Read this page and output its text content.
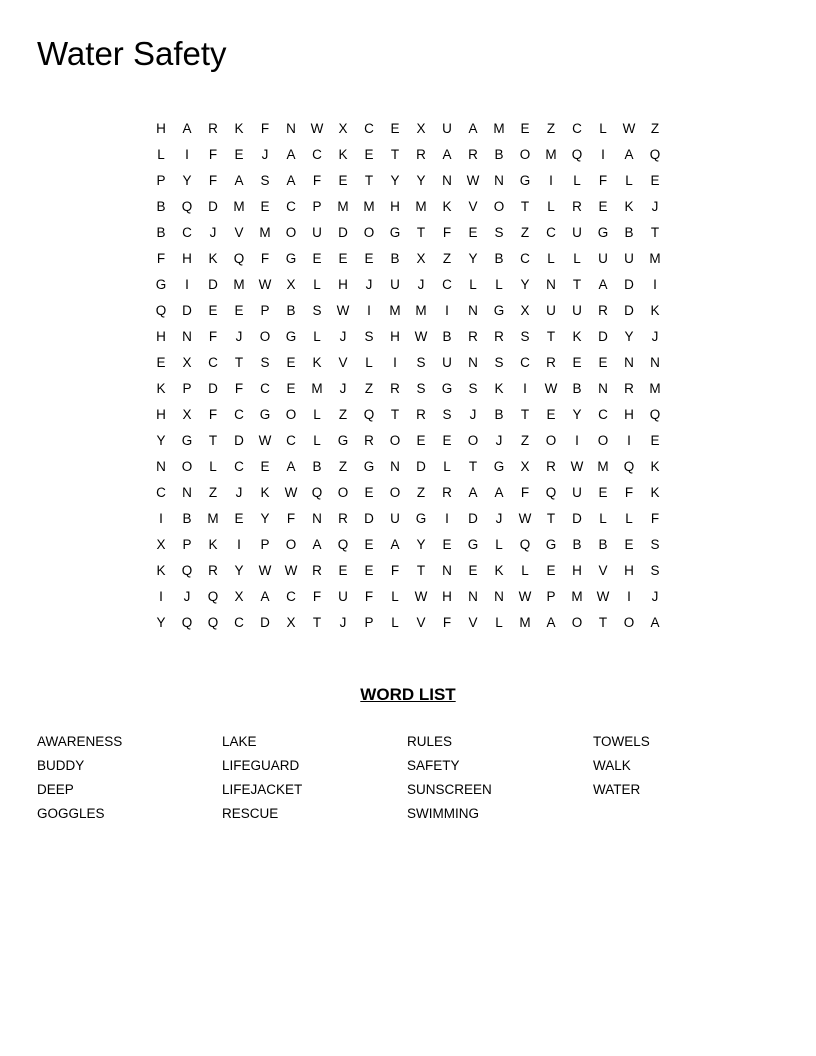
Water Safety
H	A	R	K	F	N	W	X	C	E	X	U	A	M	E	Z	C	L	W	Z
L	I	F	E	J	A	C	K	E	T	R	A	R	B	O	M	Q	I	A	Q
P	Y	F	A	S	A	F	E	T	Y	Y	N	W	N	G	I	L	F	L	E
B	Q	D	M	E	C	P	M	M	H	M	K	V	O	T	L	R	E	K	J
B	C	J	V	M	O	U	D	O	G	T	F	E	S	Z	C	U	G	B	T
F	H	K	Q	F	G	E	E	E	B	X	Z	Y	B	C	L	L	U	U	M
G	I	D	M	W	X	L	H	J	U	J	C	L	L	Y	N	T	A	D	I
Q	D	E	E	P	B	S	W	I	M	M	I	N	G	X	U	U	R	D	K
H	N	F	J	O	G	L	J	S	H	W	B	R	R	S	T	K	D	Y	J
E	X	C	T	S	E	K	V	L	I	S	U	N	S	C	R	E	E	N	N
K	P	D	F	C	E	M	J	Z	R	S	G	S	K	I	W	B	N	R	M
H	X	F	C	G	O	L	Z	Q	T	R	S	J	B	T	E	Y	C	H	Q
Y	G	T	D	W	C	L	G	R	O	E	E	O	J	Z	O	I	O	I	E
N	O	L	C	E	A	B	Z	G	N	D	L	T	G	X	R	W	M	Q	K
C	N	Z	J	K	W	Q	O	E	O	Z	R	A	A	F	Q	U	E	F	K
I	B	M	E	Y	F	N	R	D	U	G	I	D	J	W	T	D	L	L	F
X	P	K	I	P	O	A	Q	E	A	Y	E	G	L	Q	G	B	B	E	S
K	Q	R	Y	W W	R	E	E	F	T	N	E	K	L	E	H	V	H	S
I	J	Q	X	A	C	F	U	F	L	W	H	N	N	W	P	M	W	I	J
Y	Q	Q	C	D	X	T	J	P	L	V	F	V	L	M	A	O	T	O	A
WORD LIST
AWARENESS
BUDDY
DEEP
GOGGLES
LAKE
LIFEGUARD
LIFEJACKET
RESCUE
RULES
SAFETY
SUNSCREEN
SWIMMING
TOWELS
WALK
WATER
